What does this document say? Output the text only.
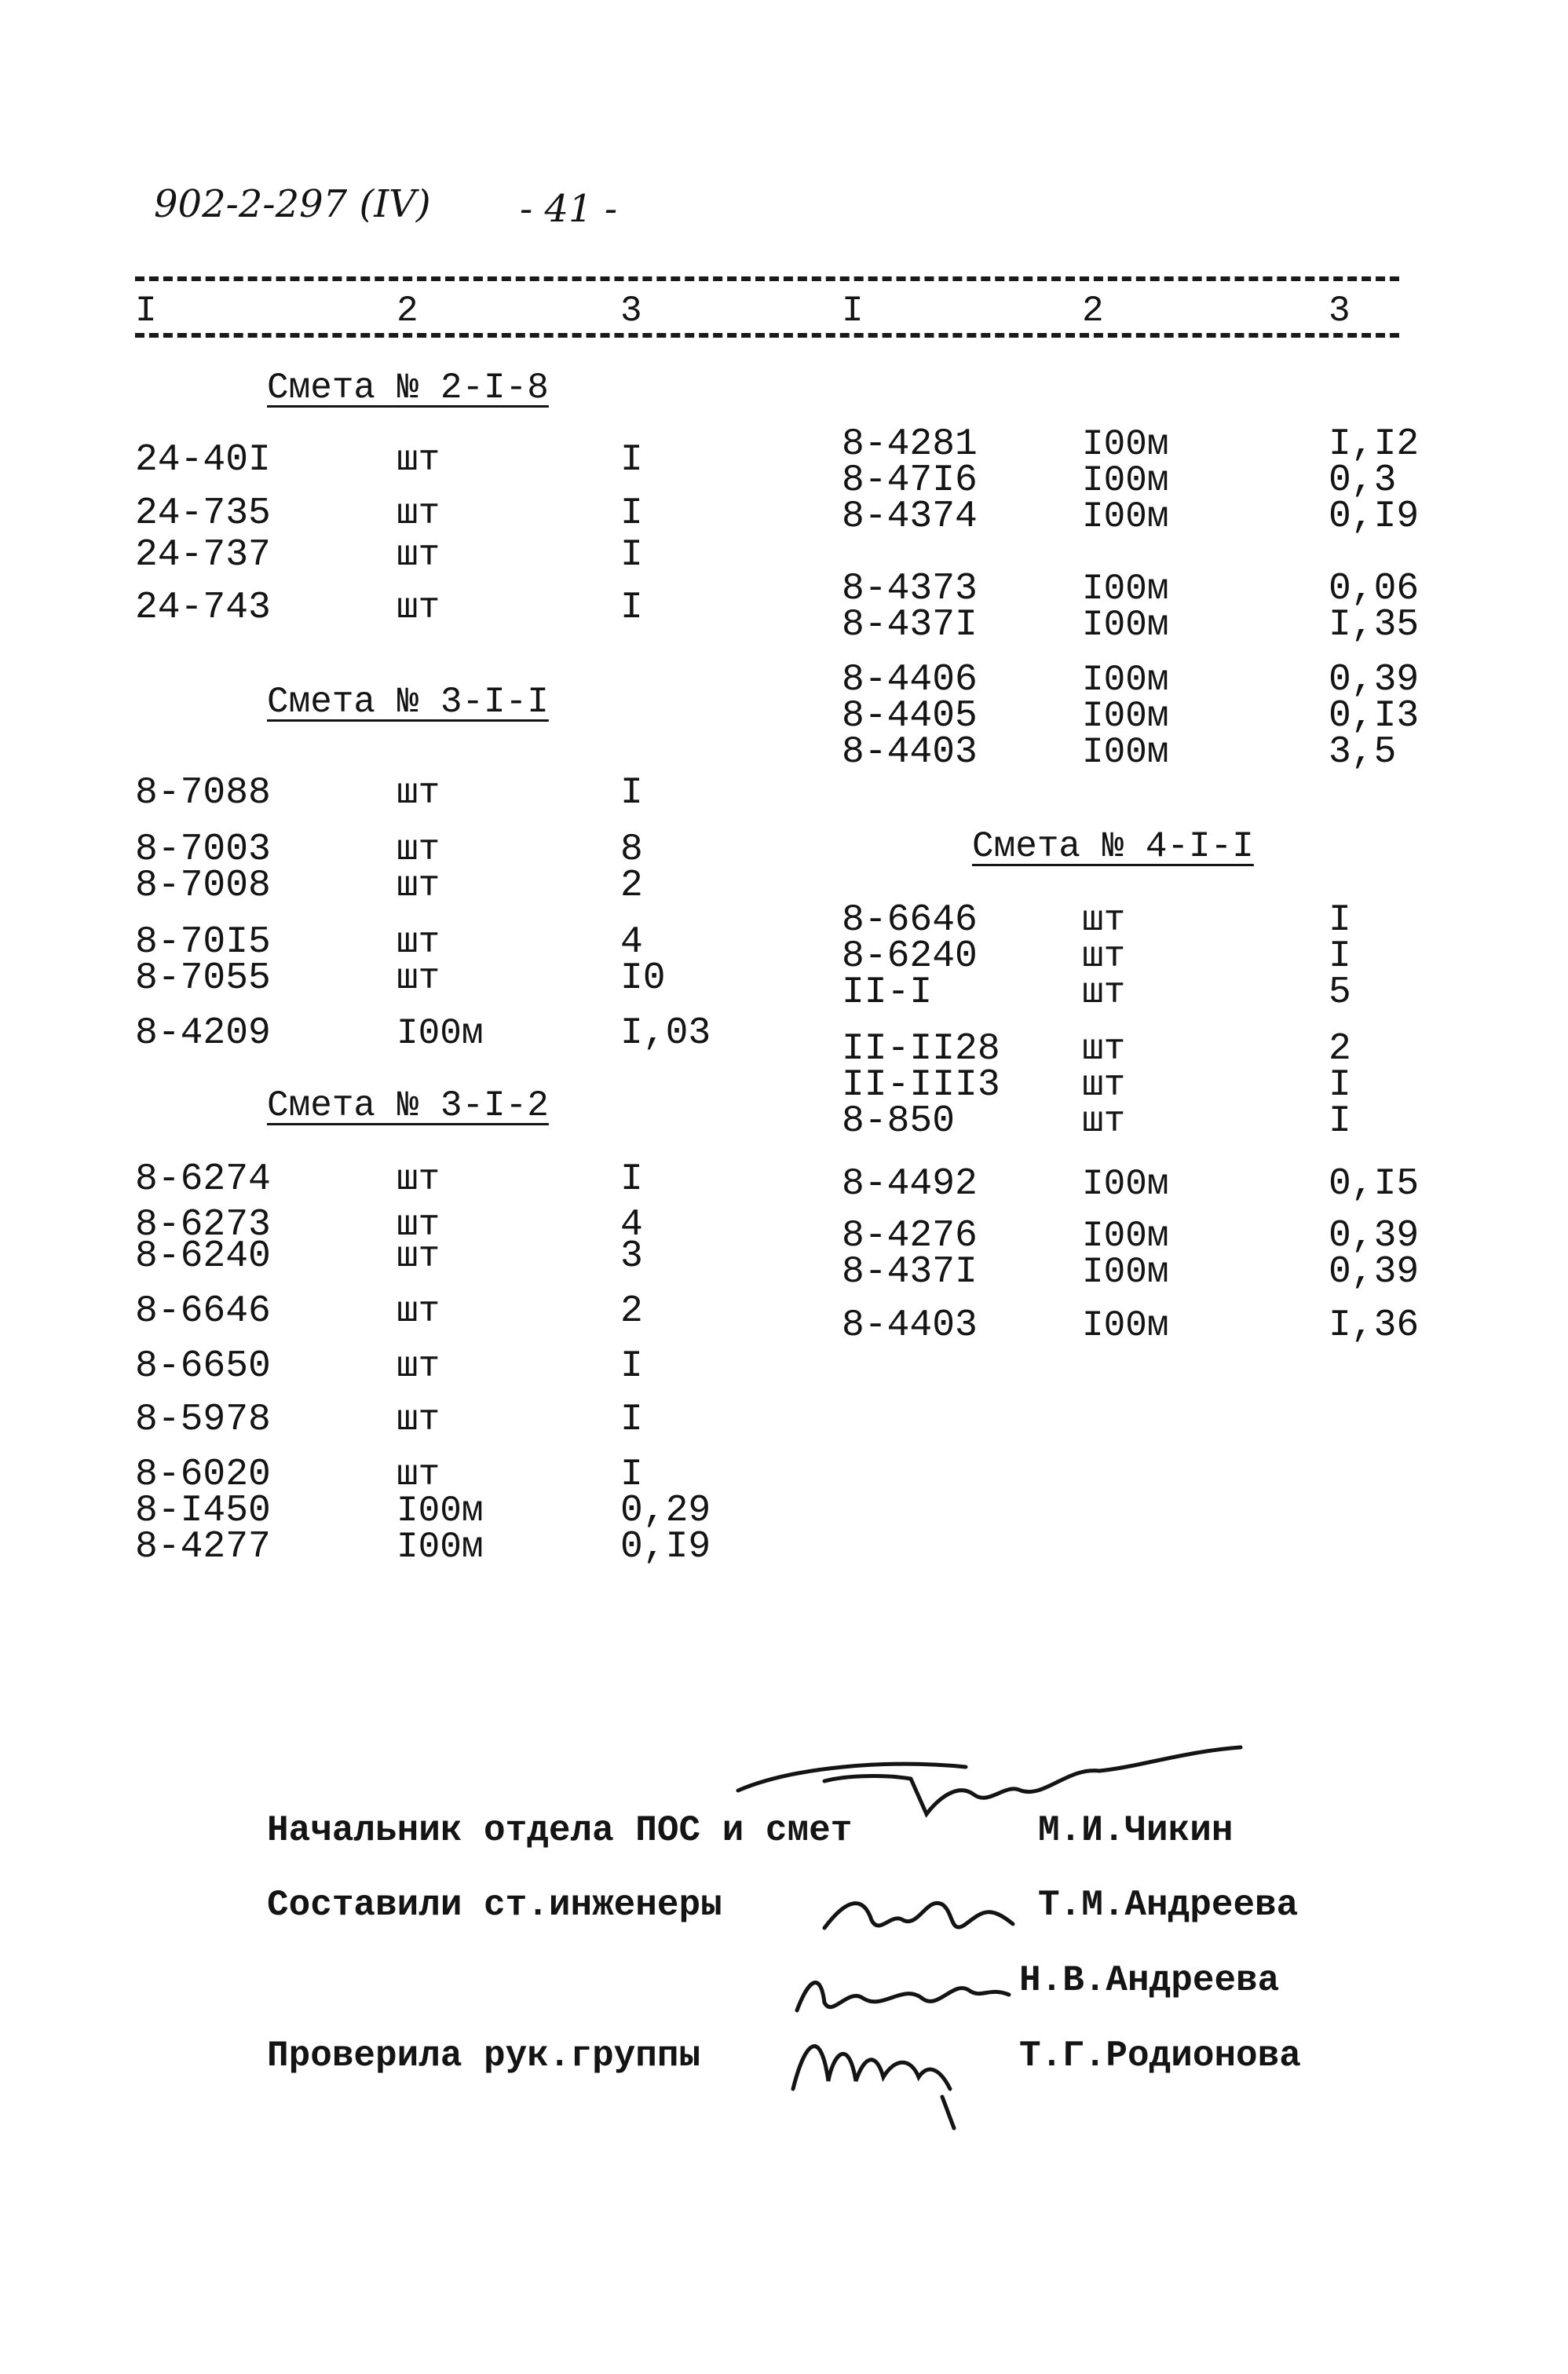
902-2-297 (IV) - 41 -
I	2	3	I	2	3
Смета № 2-I-8
24-40I	шт	I
24-735	шт	I
24-737	шт	I
24-743	шт	I
Смета № 3-I-I
8-7088	шт	I
8-7003	шт	8
8-7008	шт	2
8-70I5	шт	4
8-7055	шт	I0
8-4209	I00м	I,03
Смета № 3-I-2
8-6274	шт	I
8-6273	шт	4
8-6240	шт	3
8-6646	шт	2
8-6650	шт	I
8-5978	шт	I
8-6020	шт	I
8-I450	I00м	0,29
8-4277	I00м	0,I9
8-4281	I00м	I,I2
8-47I6	I00м	0,3
8-4374	I00м	0,I9
8-4373	I00м	0,06
8-437I	I00м	I,35
8-4406	I00м	0,39
8-4405	I00м	0,I3
8-4403	I00м	3,5
Смета № 4-I-I
8-6646	шт	I
8-6240	шт	I
II-I	шт	5
II-II28 шт	2
II-III3 шт	I
8-850	шт	I
8-4492	I00м	0,I5
8-4276	I00м	0,39
8-437I	I00м	0,39
8-4403	I00м	I,36
Начальник отдела ПОС и смет	М.И.Чикин
Составили ст.инженеры	Т.М.Андреева
Н.В.Андреева
Проверила рук.группы	Т.Г.Родионова
